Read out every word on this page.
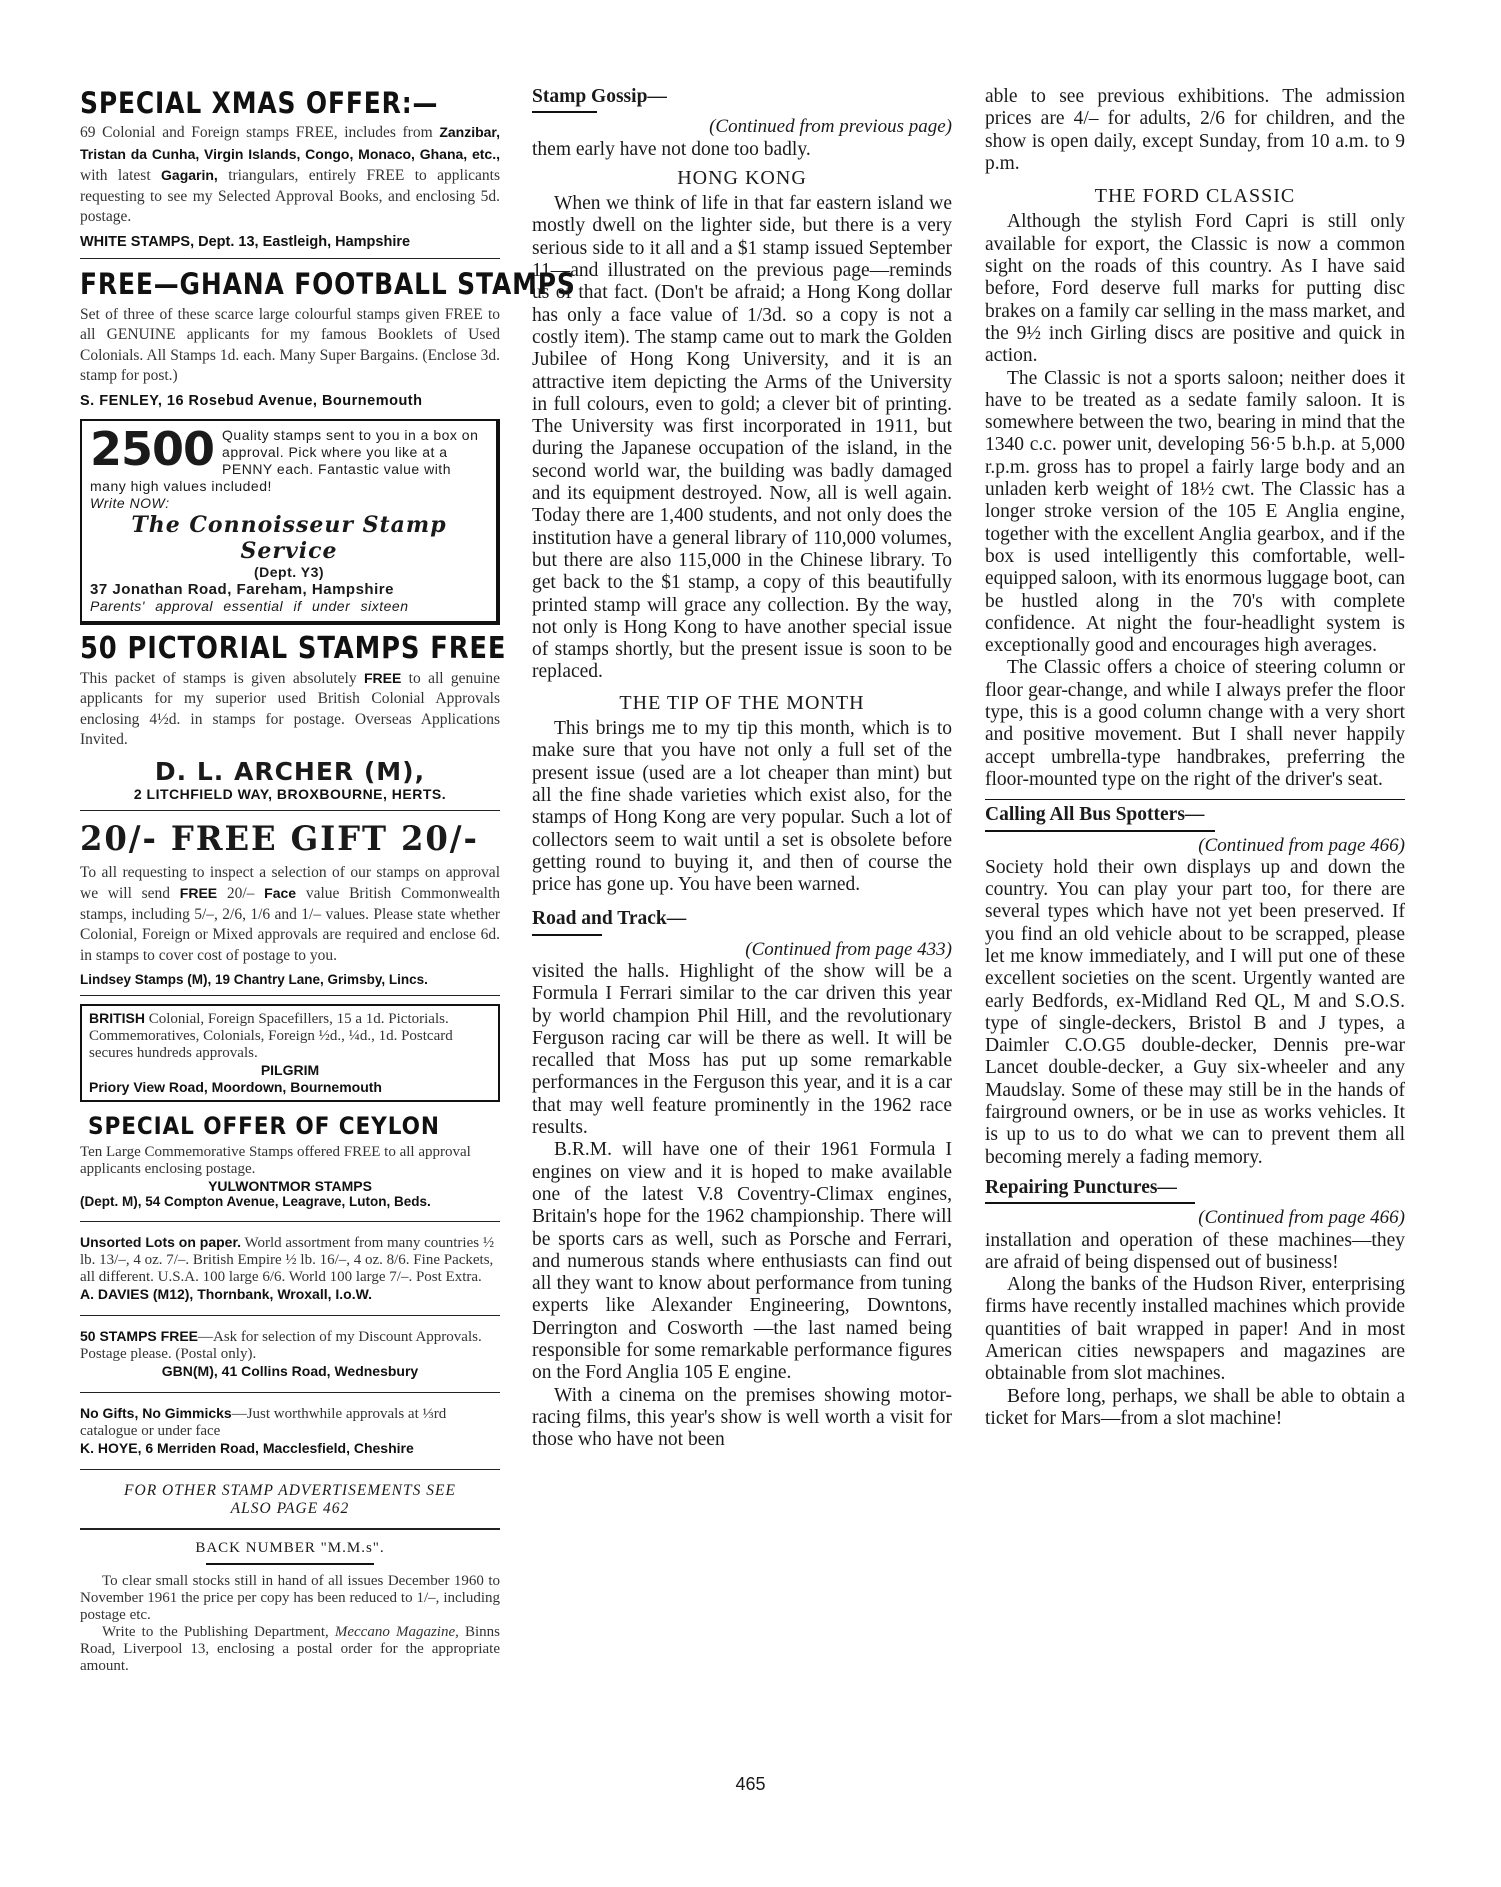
SPECIAL XMAS OFFER:—
69 Colonial and Foreign stamps FREE, includes from Zanzibar, Tristan da Cunha, Virgin Islands, Congo, Monaco, Ghana, etc., with latest Gagarin, triangulars, entirely FREE to applicants requesting to see my Selected Approval Books, and enclosing 5d. postage.
WHITE STAMPS, Dept. 13, Eastleigh, Hampshire
FREE—GHANA FOOTBALL STAMPS
Set of three of these scarce large colourful stamps given FREE to all GENUINE applicants for my famous Booklets of Used Colonials. All Stamps 1d. each. Many Super Bargains. (Enclose 3d. stamp for post.)
S. FENLEY, 16 Rosebud Avenue, Bournemouth
2500 Quality stamps sent to you in a box on approval. Pick where you like at a PENNY each. Fantastic value with many high values included!
Write NOW:
The Connoisseur Stamp Service
(Dept. Y3)
37 Jonathan Road, Fareham, Hampshire
Parents' approval essential if under sixteen
50 PICTORIAL STAMPS FREE
This packet of stamps is given absolutely FREE to all genuine applicants for my superior used British Colonial Approvals enclosing 4½d. in stamps for postage. Overseas Applications Invited.
D. L. ARCHER (M),
2 LITCHFIELD WAY, BROXBOURNE, HERTS.
20/- FREE GIFT 20/-
To all requesting to inspect a selection of our stamps on approval we will send FREE 20/– Face value British Commonwealth stamps, including 5/–, 2/6, 1/6 and 1/– values. Please state whether Colonial, Foreign or Mixed approvals are required and enclose 6d. in stamps to cover cost of postage to you.
Lindsey Stamps (M), 19 Chantry Lane, Grimsby, Lincs.
BRITISH Colonial, Foreign Spacefillers, 15 a 1d. Pictorials. Commemoratives, Colonials, Foreign ½d., ¼d., 1d. Postcard secures hundreds approvals.
PILGRIM
Priory View Road, Moordown, Bournemouth
SPECIAL OFFER OF CEYLON
Ten Large Commemorative Stamps offered FREE to all approval applicants enclosing postage.
YULWONTMOR STAMPS
(Dept. M), 54 Compton Avenue, Leagrave, Luton, Beds.
Unsorted Lots on paper. World assortment from many countries ½ lb. 13/–, 4 oz. 7/–. British Empire ½ lb. 16/–, 4 oz. 8/6. Fine Packets, all different. U.S.A. 100 large 6/6. World 100 large 7/–. Post Extra.
A. DAVIES (M12), Thornbank, Wroxall, I.o.W.
50 STAMPS FREE—Ask for selection of my Discount Approvals. Postage please. (Postal only).
GBN(M), 41 Collins Road, Wednesbury
No Gifts, No Gimmicks—Just worthwhile approvals at ⅓rd catalogue or under face
K. HOYE, 6 Merriden Road, Macclesfield, Cheshire
FOR OTHER STAMP ADVERTISEMENTS SEE ALSO PAGE 462
BACK NUMBER "M.M.s".
To clear small stocks still in hand of all issues December 1960 to November 1961 the price per copy has been reduced to 1/–, including postage etc.
Write to the Publishing Department, Meccano Magazine, Binns Road, Liverpool 13, enclosing a postal order for the appropriate amount.
Stamp Gossip—
(Continued from previous page)

them early have not done too badly.

HONG KONG

When we think of life in that far eastern island we mostly dwell on the lighter side, but there is a very serious side to it all and a $1 stamp issued September 11—and illustrated on the previous page—reminds us of that fact. (Don't be afraid; a Hong Kong dollar has only a face value of 1/3d. so a copy is not a costly item). The stamp came out to mark the Golden Jubilee of Hong Kong University, and it is an attractive item depicting the Arms of the University in full colours, even to gold; a clever bit of printing. The University was first incorporated in 1911, but during the Japanese occupation of the island, in the second world war, the building was badly damaged and its equipment destroyed. Now, all is well again. Today there are 1,400 students, and not only does the institution have a general library of 110,000 volumes, but there are also 115,000 in the Chinese library. To get back to the $1 stamp, a copy of this beautifully printed stamp will grace any collection. By the way, not only is Hong Kong to have another special issue of stamps shortly, but the present issue is soon to be replaced.

THE TIP OF THE MONTH

This brings me to my tip this month, which is to make sure that you have not only a full set of the present issue (used are a lot cheaper than mint) but all the fine shade varieties which exist also, for the stamps of Hong Kong are very popular. Such a lot of collectors seem to wait until a set is obsolete before getting round to buying it, and then of course the price has gone up. You have been warned.

Road and Track—
(Continued from page 433)

visited the halls. Highlight of the show will be a Formula I Ferrari similar to the car driven this year by world champion Phil Hill, and the revolutionary Ferguson racing car will be there as well. It will be recalled that Moss has put up some remarkable performances in the Ferguson this year, and it is a car that may well feature prominently in the 1962 race results.

B.R.M. will have one of their 1961 Formula I engines on view and it is hoped to make available one of the latest V.8 Coventry-Climax engines, Britain's hope for the 1962 championship. There will be sports cars as well, such as Porsche and Ferrari, and numerous stands where enthusiasts can find out all they want to know about performance from tuning experts like Alexander Engineering, Downtons, Derrington and Cosworth —the last named being responsible for some remarkable performance figures on the Ford Anglia 105 E engine.

With a cinema on the premises showing motor-racing films, this year's show is well worth a visit for those who have not been

able to see previous exhibitions. The admission prices are 4/– for adults, 2/6 for children, and the show is open daily, except Sunday, from 10 a.m. to 9 p.m.

THE FORD CLASSIC

Although the stylish Ford Capri is still only available for export, the Classic is now a common sight on the roads of this country. As I have said before, Ford deserve full marks for putting disc brakes on a family car selling in the mass market, and the 9½ inch Girling discs are positive and quick in action.

The Classic is not a sports saloon; neither does it have to be treated as a sedate family saloon. It is somewhere between the two, bearing in mind that the 1340 c.c. power unit, developing 56·5 b.h.p. at 5,000 r.p.m. gross has to propel a fairly large body and an unladen kerb weight of 18½ cwt. The Classic has a longer stroke version of the 105 E Anglia engine, together with the excellent Anglia gearbox, and if the box is used intelligently this comfortable, well-equipped saloon, with its enormous luggage boot, can be hustled along in the 70's with complete confidence. At night the four-headlight system is exceptionally good and encourages high averages.

The Classic offers a choice of steering column or floor gear-change, and while I always prefer the floor type, this is a good column change with a very short and positive movement. But I shall never happily accept umbrella-type handbrakes, preferring the floor-mounted type on the right of the driver's seat.

Calling All Bus Spotters—
(Continued from page 466)

Society hold their own displays up and down the country. You can play your part too, for there are several types which have not yet been preserved. If you find an old vehicle about to be scrapped, please let me know immediately, and I will put one of these excellent societies on the scent. Urgently wanted are early Bedfords, ex-Midland Red QL, M and S.O.S. type of single-deckers, Bristol B and J types, a Daimler C.O.G5 double-decker, Dennis pre-war Lancet double-decker, a Guy six-wheeler and any Maudslay. Some of these may still be in the hands of fairground owners, or be in use as works vehicles. It is up to us to do what we can to prevent them all becoming merely a fading memory.

Repairing Punctures—
(Continued from page 466)

installation and operation of these machines—they are afraid of being dispensed out of business!

Along the banks of the Hudson River, enterprising firms have recently installed machines which provide quantities of bait wrapped in paper! And in most American cities newspapers and magazines are obtainable from slot machines.

Before long, perhaps, we shall be able to obtain a ticket for Mars—from a slot machine!

465
